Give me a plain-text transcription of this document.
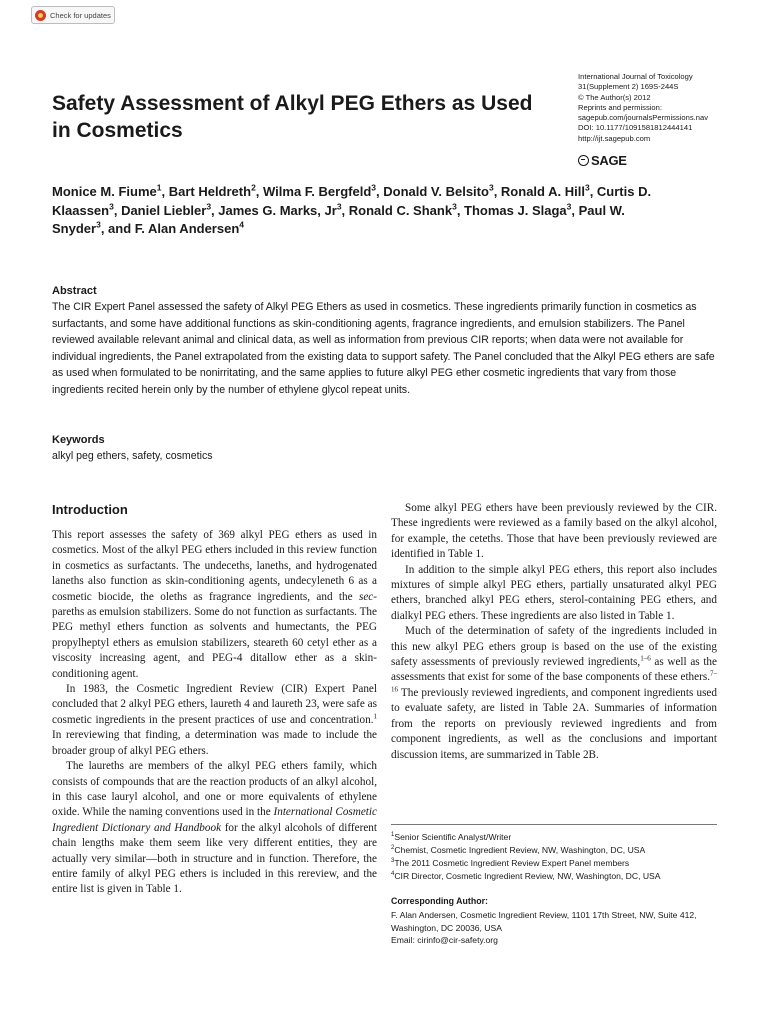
Check for updates
International Journal of Toxicology
31(Supplement 2) 169S-244S
© The Author(s) 2012
Reprints and permission:
sagepub.com/journalsPermissions.nav
DOI: 10.1177/1091581812444141
http://ijt.sagepub.com
SAGE
Safety Assessment of Alkyl PEG Ethers as Used in Cosmetics

Monice M. Fiume$^1$, Bart Heldreth$^2$, Wilma F. Bergfeld$^3$, Donald V. Belsito$^3$, Ronald A. Hill$^3$, Curtis D. Klaassen$^3$, Daniel Liebler$^3$, James G. Marks, Jr$^3$, Ronald C. Shank$^3$, Thomas J. Slaga$^3$, Paul W. Snyder$^3$, and F. Alan Andersen$^4$

Abstract

The CIR Expert Panel assessed the safety of Alkyl PEG Ethers as used in cosmetics. These ingredients primarily function in cosmetics as surfactants, and some have additional functions as skin-conditioning agents, fragrance ingredients, and emulsion stabilizers. The Panel reviewed available relevant animal and clinical data, as well as information from previous CIR reports; when data were not available for individual ingredients, the Panel extrapolated from the existing data to support safety. The Panel concluded that the Alkyl PEG ethers are safe as used when formulated to be nonirritating, and the same applies to future alkyl PEG ether cosmetic ingredients that vary from those ingredients recited herein only by the number of ethylene glycol repeat units.

Keywords

alkyl peg ethers, safety, cosmetics

Introduction

This report assesses the safety of 369 alkyl PEG ethers as used in cosmetics. Most of the alkyl PEG ethers included in this review function in cosmetics as surfactants. The undeceths, laneths, and hydrogenated laneths also function as skin-conditioning agents, undecyleneth 6 as a cosmetic biocide, the oleths as fragrance ingredients, and the sec-pareths as emulsion stabilizers. Some do not function as surfactants. The PEG methyl ethers function as solvents and humectants, the PEG propylheptyl ethers as emulsion stabilizers, steareth 60 cetyl ether as a viscosity increasing agent, and PEG-4 ditallow ether as a skin-conditioning agent.

In 1983, the Cosmetic Ingredient Review (CIR) Expert Panel concluded that 2 alkyl PEG ethers, laureth 4 and laureth 23, were safe as cosmetic ingredients in the present practices of use and concentration.$^1$ In rereviewing that finding, a determination was made to include the broader group of alkyl PEG ethers.

The laureths are members of the alkyl PEG ethers family, which consists of compounds that are the reaction products of an alkyl alcohol, in this case lauryl alcohol, and one or more equivalents of ethylene oxide. While the naming conventions used in the International Cosmetic Ingredient Dictionary and Handbook for the alkyl alcohols of different chain lengths make them seem like very different entities, they are actually very similar—both in structure and in function. Therefore, the entire family of alkyl PEG ethers is included in this rereview, and the entire list is given in Table 1.

Some alkyl PEG ethers have been previously reviewed by the CIR. These ingredients were reviewed as a family based on the alkyl alcohol, for example, the ceteths. Those that have been previously reviewed are identified in Table 1.

In addition to the simple alkyl PEG ethers, this report also includes mixtures of simple alkyl PEG ethers, partially unsaturated alkyl PEG ethers, branched alkyl PEG ethers, sterol-containing PEG ethers, and dialkyl PEG ethers. These ingredients are also listed in Table 1.

Much of the determination of safety of the ingredients included in this new alkyl PEG ethers group is based on the use of the existing safety assessments of previously reviewed ingredients,$^{1-6}$ as well as the assessments that exist for some of the base components of these ethers.$^{7-16}$ The previously reviewed ingredients, and component ingredients used to evaluate safety, are listed in Table 2A. Summaries of information from the reports on previously reviewed ingredients and from component ingredients, as well as the conclusions and important discussion items, are summarized in Table 2B.

$^1$Senior Scientific Analyst/Writer
$^2$Chemist, Cosmetic Ingredient Review, NW, Washington, DC, USA
$^3$The 2011 Cosmetic Ingredient Review Expert Panel members
$^4$CIR Director, Cosmetic Ingredient Review, NW, Washington, DC, USA
Corresponding Author:

F. Alan Andersen, Cosmetic Ingredient Review, 1101 17th Street, NW, Suite 412, Washington, DC 20036, USA
Email: cirinfo@cir-safety.org
